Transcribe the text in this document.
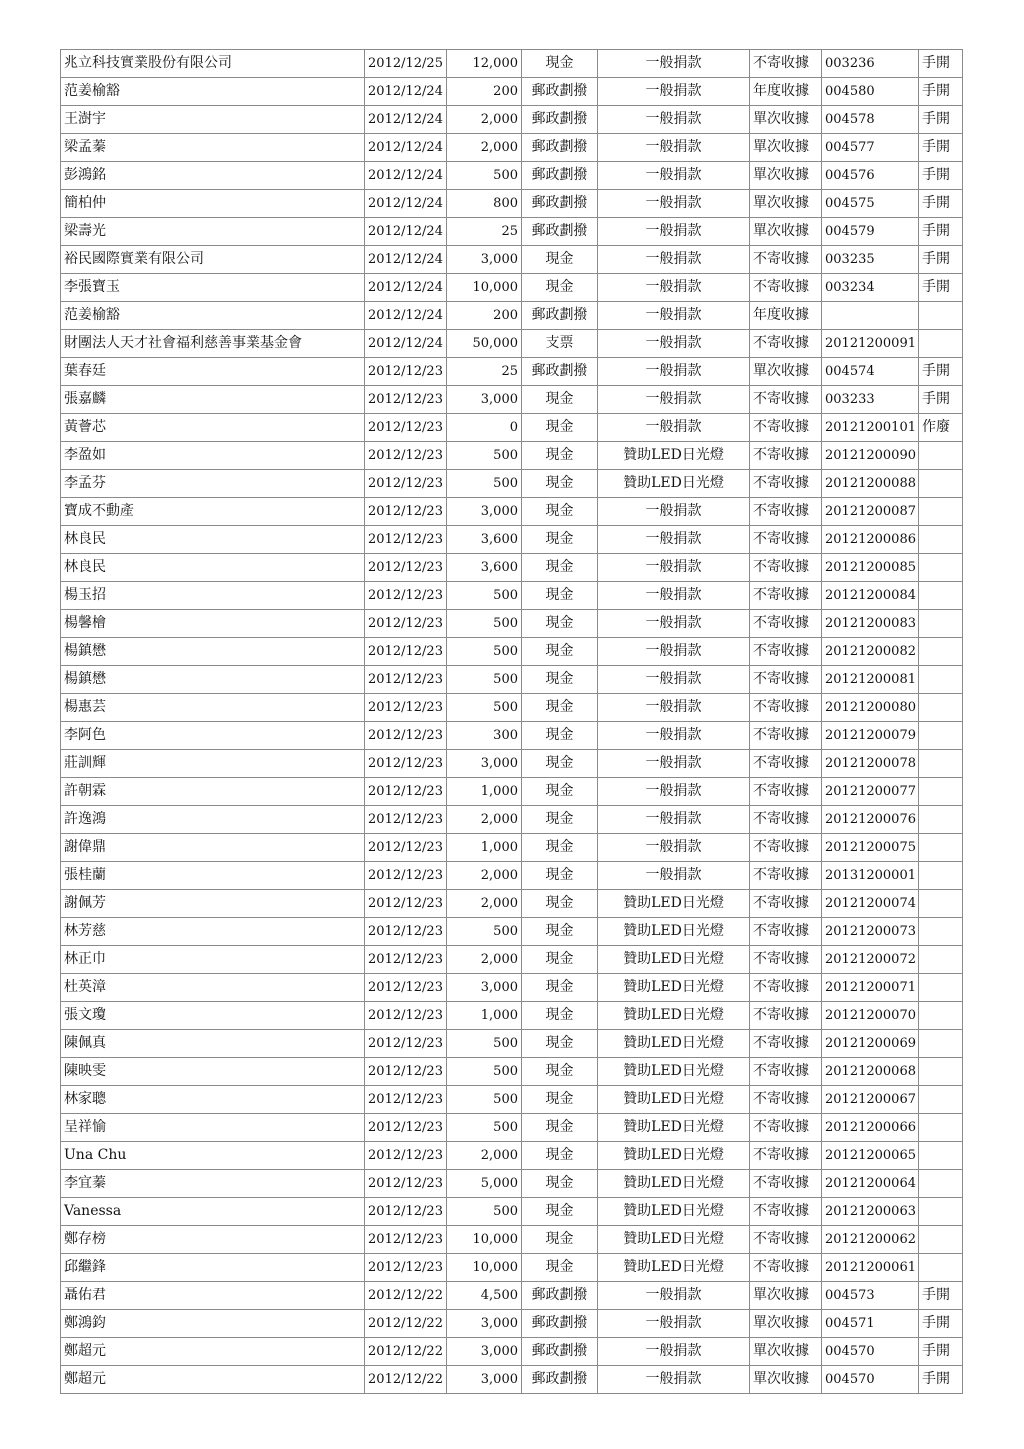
兆立科技實業股份有限公司	2012/12/25	12,000	現金	一般捐款	不寄收據	003236	手開
范姜榆豁	2012/12/24	200	郵政劃撥	一般捐款	年度收據	004580	手開
王澍宇	2012/12/24	2,000	郵政劃撥	一般捐款	單次收據	004578	手開
梁孟蓁	2012/12/24	2,000	郵政劃撥	一般捐款	單次收據	004577	手開
彭鴻銘	2012/12/24	500	郵政劃撥	一般捐款	單次收據	004576	手開
簡柏仲	2012/12/24	800	郵政劃撥	一般捐款	單次收據	004575	手開
梁壽光	2012/12/24	25	郵政劃撥	一般捐款	單次收據	004579	手開
裕民國際實業有限公司	2012/12/24	3,000	現金	一般捐款	不寄收據	003235	手開
李張寶玉	2012/12/24	10,000	現金	一般捐款	不寄收據	003234	手開
范姜榆豁	2012/12/24	200	郵政劃撥	一般捐款	年度收據		
財團法人天才社會福利慈善事業基金會	2012/12/24	50,000	支票	一般捐款	不寄收據	20121200091	
葉春廷	2012/12/23	25	郵政劃撥	一般捐款	單次收據	004574	手開
張嘉麟	2012/12/23	3,000	現金	一般捐款	不寄收據	003233	手開
黃薈芯	2012/12/23	0	現金	一般捐款	不寄收據	20121200101	作廢
李盈如	2012/12/23	500	現金	贊助LED日光燈	不寄收據	20121200090	
李孟芬	2012/12/23	500	現金	贊助LED日光燈	不寄收據	20121200088	
寶成不動產	2012/12/23	3,000	現金	一般捐款	不寄收據	20121200087	
林良民	2012/12/23	3,600	現金	一般捐款	不寄收據	20121200086	
林良民	2012/12/23	3,600	現金	一般捐款	不寄收據	20121200085	
楊玉招	2012/12/23	500	現金	一般捐款	不寄收據	20121200084	
楊馨檜	2012/12/23	500	現金	一般捐款	不寄收據	20121200083	
楊鎮懋	2012/12/23	500	現金	一般捐款	不寄收據	20121200082	
楊鎮懋	2012/12/23	500	現金	一般捐款	不寄收據	20121200081	
楊惠芸	2012/12/23	500	現金	一般捐款	不寄收據	20121200080	
李阿色	2012/12/23	300	現金	一般捐款	不寄收據	20121200079	
莊訓輝	2012/12/23	3,000	現金	一般捐款	不寄收據	20121200078	
許朝霖	2012/12/23	1,000	現金	一般捐款	不寄收據	20121200077	
許逸鴻	2012/12/23	2,000	現金	一般捐款	不寄收據	20121200076	
謝偉鼎	2012/12/23	1,000	現金	一般捐款	不寄收據	20121200075	
張桂蘭	2012/12/23	2,000	現金	一般捐款	不寄收據	20131200001	
謝佩芳	2012/12/23	2,000	現金	贊助LED日光燈	不寄收據	20121200074	
林芳慈	2012/12/23	500	現金	贊助LED日光燈	不寄收據	20121200073	
林正巾	2012/12/23	2,000	現金	贊助LED日光燈	不寄收據	20121200072	
杜英漳	2012/12/23	3,000	現金	贊助LED日光燈	不寄收據	20121200071	
張文瓊	2012/12/23	1,000	現金	贊助LED日光燈	不寄收據	20121200070	
陳佩真	2012/12/23	500	現金	贊助LED日光燈	不寄收據	20121200069	
陳映雯	2012/12/23	500	現金	贊助LED日光燈	不寄收據	20121200068	
林家聰	2012/12/23	500	現金	贊助LED日光燈	不寄收據	20121200067	
呈祥愉	2012/12/23	500	現金	贊助LED日光燈	不寄收據	20121200066	
Una Chu	2012/12/23	2,000	現金	贊助LED日光燈	不寄收據	20121200065	
李宜蓁	2012/12/23	5,000	現金	贊助LED日光燈	不寄收據	20121200064	
Vanessa	2012/12/23	500	現金	贊助LED日光燈	不寄收據	20121200063	
鄭存榜	2012/12/23	10,000	現金	贊助LED日光燈	不寄收據	20121200062	
邱繼鋒	2012/12/23	10,000	現金	贊助LED日光燈	不寄收據	20121200061	
聶佑君	2012/12/22	4,500	郵政劃撥	一般捐款	單次收據	004573	手開
鄭鴻鈞	2012/12/22	3,000	郵政劃撥	一般捐款	單次收據	004571	手開
鄭超元	2012/12/22	3,000	郵政劃撥	一般捐款	單次收據	004570	手開
鄭超元	2012/12/22	3,000	郵政劃撥	一般捐款	單次收據	004570	手開
